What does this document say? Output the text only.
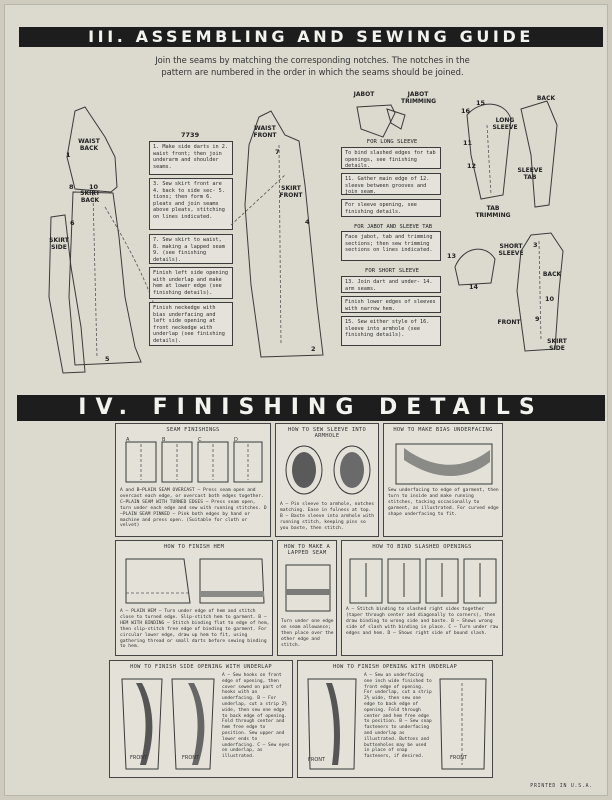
III. ASSEMBLING AND SEWING GUIDE
Join the seams by matching the corresponding notches. The notches in the pattern are numbered in the order in which the seams should be joined.
WAIST BACK
SKIRT BACK
SKIRT SIDE
1
8 10
6
5
7739
1. Make side darts in 2. waist front; then join underarm and shoulder seams.
3. Sew skirt front are 4. back to side sec- 5. tions; then form 6. pleats and join seams above pleats, stitching on lines indicated.
7. Sew skirt to waist, 8. making a lapped seam 9. (see finishing details).
Finish left side opening with underlap and make hem at lower edge (see finishing details).
Finish neckedge with bias underfacing and left side opening at front neckedge with underlap (see finishing details).
WAIST FRONT
SKIRT FRONT
7
4
2
JABOT	JABOT TRIMMING
FOR LONG SLEEVE
To bind slashed edges for tab openings, see finishing details.
11. Gather main edge of 12. sleeve between grooves and join seam.
For sleeve opening, see finishing details.
FOR JABOT AND SLEEVE TAB
Face jabot, tab and trimming sections; then sew trimming sections on lines indicated.
FOR SHORT SLEEVE
13. Join dart and under- 14. arm seams.
Finish lower edges of sleeves with narrow hem.
15. Sew either style of 16. sleeve into armhole (see finishing details).
LONG SLEEVE
BACK
SLEEVE TAB
TAB TRIMMING
16
15
11
12
SHORT SLEEVE
13
14
BACK
FRONT
SKIRT SIDE
3
10
9
IV. FINISHING DETAILS
SEAM FINISHINGS
A	B	C	D
A and B—PLAIN SEAM OVERCAST — Press seam open and overcast each edge, or overcast both edges together. C—PLAIN SEAM WITH TURNED EDGES — Press seam open, turn under each edge and sew with running stitches. D—PLAIN SEAM PINKED — Pink both edges by hand or machine and press open. (Suitable for cloth or velvet)
HOW TO SEW SLEEVE INTO ARMHOLE
A — Pin sleeve to armhole, notches matching. Ease in fulness at top. B — Baste sleeve into armhole with running stitch, keeping pins so you baste, then stitch.
HOW TO MAKE BIAS UNDERFACING
Sew underfacing to edge of garment, then turn to inside and make running stitches, tacking occasionally to garment, as illustrated. For curved edge shape underfacing to fit.
HOW TO FINISH HEM
A — PLAIN HEM — Turn under edge of hem and stitch close to turned edge. Slip-stitch hem to garment. B — HEM WITH BINDING — Stitch binding flat to edge of hem, then slip-stitch free edge of binding to garment. For circular lower edge, draw up hem to fit, using gathering thread or small darts before sewing binding to hem.
HOW TO MAKE A LAPPED SEAM
Turn under one edge on seam allowance; then place over the other edge and stitch.
HOW TO BIND SLASHED OPENINGS
A — Stitch binding to slashed right sides together (taper through center and diagonally to corners), then draw binding to wrong side and baste. B — Shows wrong side of slash with binding in place. C — Turn under raw edges and hem. D — Shows right side of bound slash.
HOW TO FINISH SIDE OPENING WITH UNDERLAP
FRONT	FRONT
A — Sew hooks on front edge of opening, then cover sewed on part of hooks with an underfacing. B — For underlap, cut a strip 2½ wide, then sew one edge to back edge of opening. Fold through center and hem free edge to position. Sew upper and lower ends to underfacing. C — Sew eyes on underlap, as illustrated.
HOW TO FINISH OPENING WITH UNDERLAP
FRONT
A — Sew an underfacing one inch wide finished to front edge of opening. For underlap, cut a strip 2½ wide, then sew one edge to back edge of opening. Fold through center and hem free edge to position. B — Sew snap fasteners to underfacing and underlap as illustrated. Buttons and buttonholes may be used in place of snap fasteners, if desired.	FRONT
PRINTED IN U.S.A.
